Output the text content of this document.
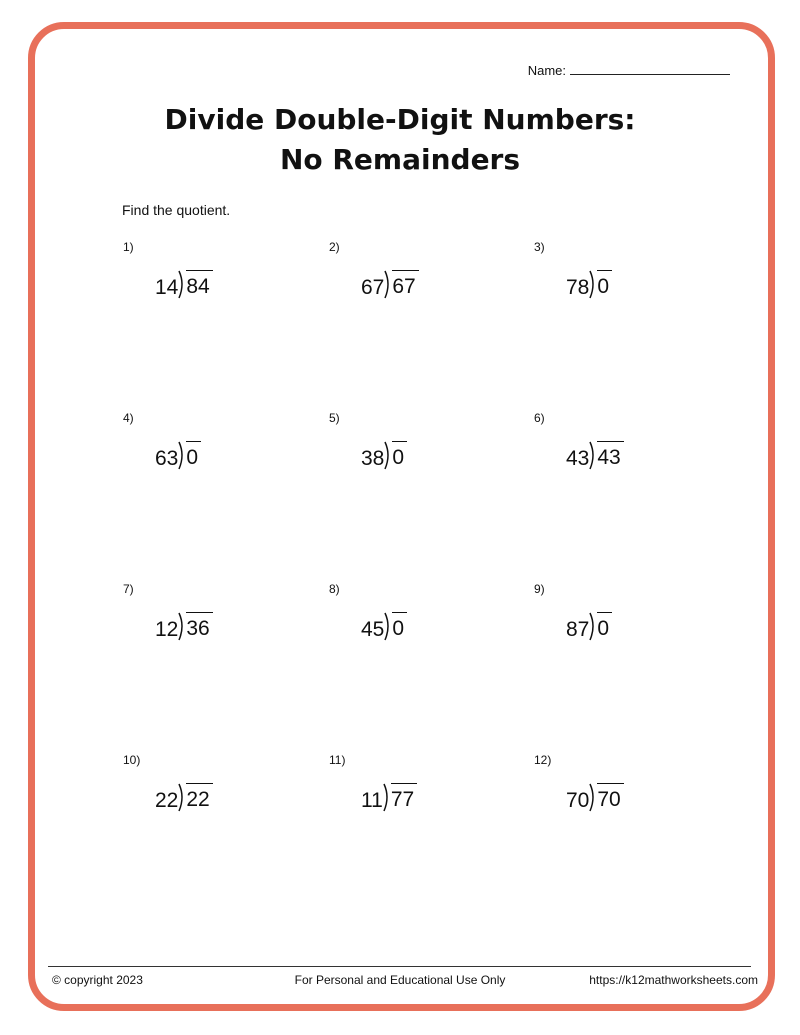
Name:
Divide Double-Digit Numbers:
No Remainders
Find the quotient.
1)
14 84
2)
67 67
3)
78 0
4)
63 0
5)
38 0
6)
43 43
7)
12 36
8)
45 0
9)
87 0
10)
22 22
11)
11 77
12)
70 70
© copyright 2023	For Personal and Educational Use Only	https://k12mathworksheets.com
